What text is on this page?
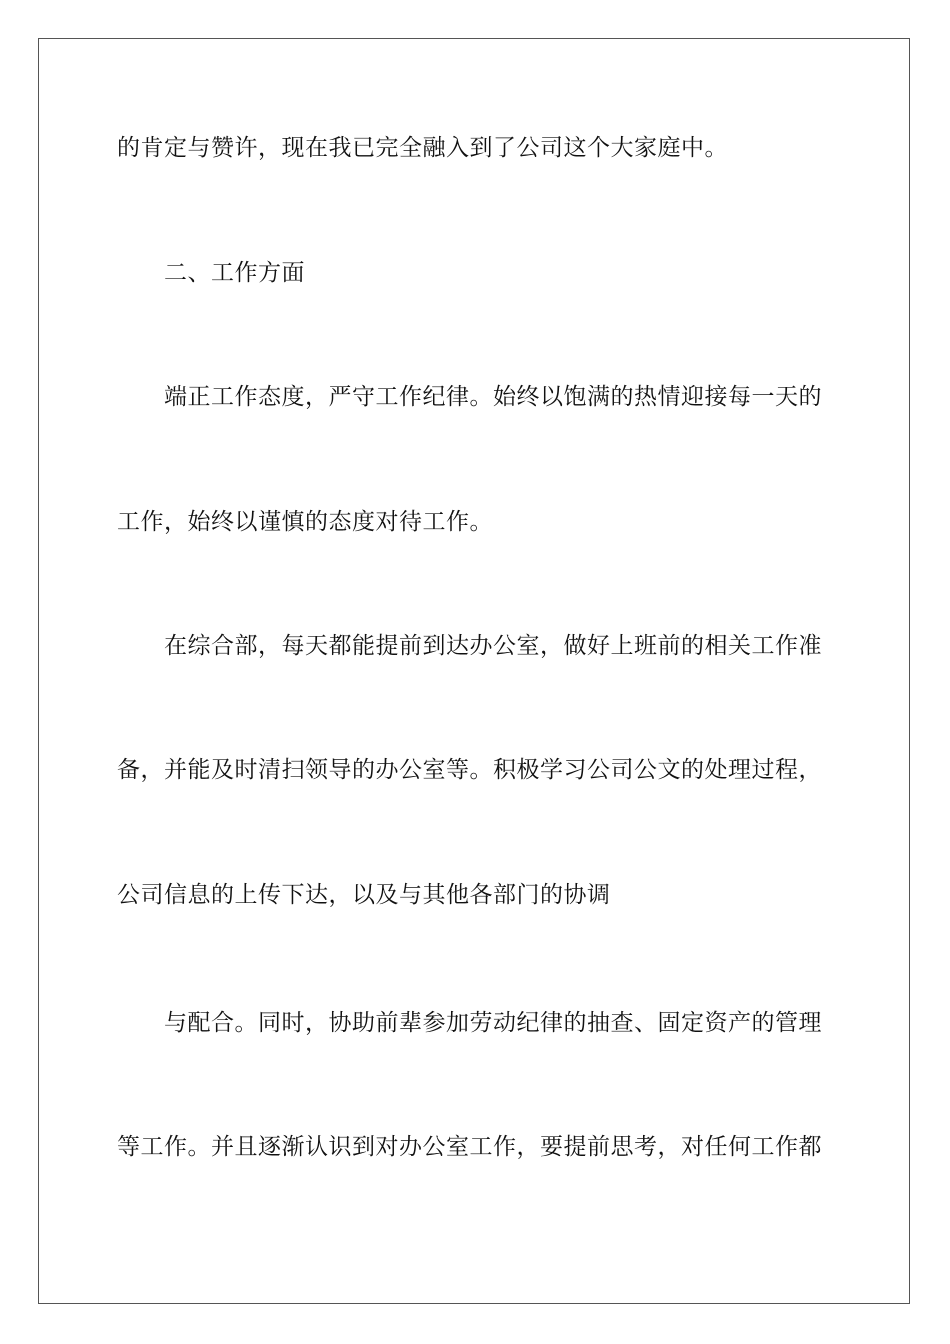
的肯定与赞许，现在我已完全融入到了公司这个大家庭中。
二、工作方面
端正工作态度，严守工作纪律。始终以饱满的热情迎接每一天的
工作，始终以谨慎的态度对待工作。
在综合部，每天都能提前到达办公室，做好上班前的相关工作准
备，并能及时清扫领导的办公室等。积极学习公司公文的处理过程，
公司信息的上传下达，以及与其他各部门的协调
与配合。同时，协助前辈参加劳动纪律的抽查、固定资产的管理
等工作。并且逐渐认识到对办公室工作，要提前思考，对任何工作都
